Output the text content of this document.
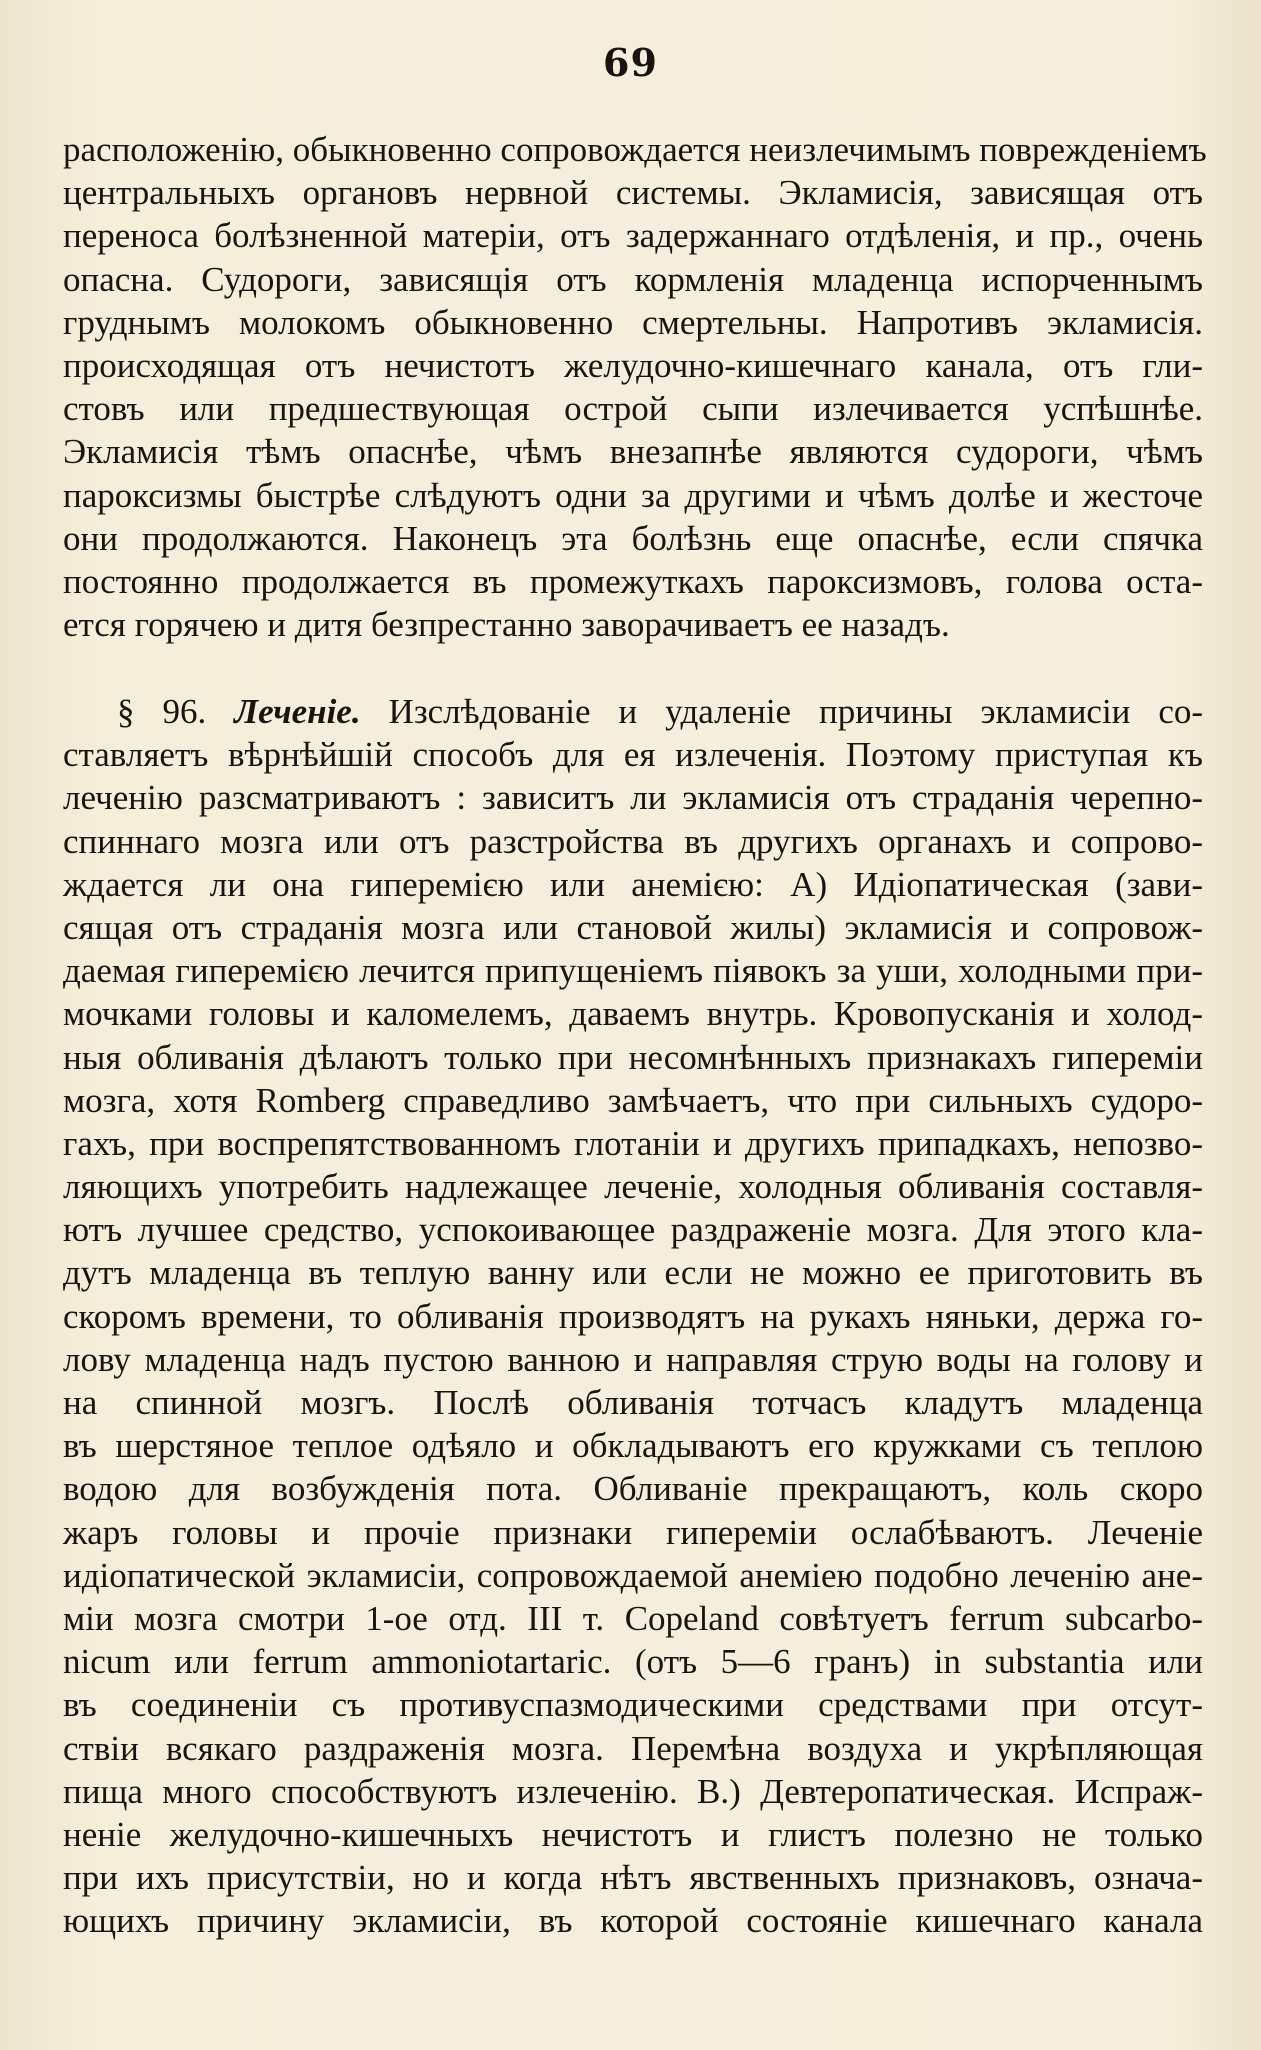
69
расположенію, обыкновенно сопровождается неизлечимымъ поврежденіемъ
центральныхъ органовъ нервной системы. Экламисія, зависящая отъ
переноса болѣзненной матеріи, отъ задержаннаго отдѣленія, и пр., очень
опасна. Судороги, зависящія отъ кормленія младенца испорченнымъ
груднымъ молокомъ обыкновенно смертельны. Напротивъ экламисія.
происходящая отъ нечистотъ желудочно-кишечнаго канала, отъ гли-
стовъ или предшествующая острой сыпи излечивается успѣшнѣе.
Экламисія тѣмъ опаснѣе, чѣмъ внезапнѣе являются судороги, чѣмъ
пароксизмы быстрѣе слѣдуютъ одни за другими и чѣмъ долѣе и жесточе
они продолжаются. Наконецъ эта болѣзнь еще опаснѣе, если спячка
постоянно продолжается въ промежуткахъ пароксизмовъ, голова оста-
ется горячею и дитя безпрестанно заворачиваетъ ее назадъ.
§ 96. Леченіе. Изслѣдованіе и удаленіе причины экламисіи со-
ставляетъ вѣрнѣйшій способъ для ея излеченія. Поэтому приступая къ
леченію разсматриваютъ : зависитъ ли экламисія отъ страданія черепно-
спиннаго мозга или отъ разстройства въ другихъ органахъ и сопрово-
ждается ли она гиперемією или анемією: А) Идіопатическая (зави-
сящая отъ страданія мозга или становой жилы) экламисія и сопровож-
даемая гиперемією лечится припущеніемъ піявокъ за уши, холодными при-
мочками головы и каломелемъ, даваемъ внутрь. Кровопусканія и холод-
ныя обливанія дѣлаютъ только при несомнѣнныхъ признакахъ гипереміи
мозга, хотя Romberg справедливо замѣчаетъ, что при сильныхъ судоро-
гахъ, при воспрепятствованномъ глотаніи и другихъ припадкахъ, непозво-
ляющихъ употребить надлежащее леченіе, холодныя обливанія составля-
ютъ лучшее средство, успокоивающее раздраженіе мозга. Для этого кла-
дутъ младенца въ теплую ванну или если не можно ее приготовить въ
скоромъ времени, то обливанія производятъ на рукахъ няньки, держа го-
лову младенца надъ пустою ванною и направляя струю воды на голову и
на спинной мозгъ. Послѣ обливанія тотчасъ кладутъ младенца
въ шерстяное теплое одѣяло и обкладываютъ его кружками съ теплою
водою для возбужденія пота. Обливаніе прекращаютъ, коль скоро
жаръ головы и прочіе признаки гипереміи ослабѣваютъ. Леченіе
идіопатической экламисіи, сопровождаемой анеміею подобно леченію ане-
міи мозга смотри 1-ое отд. III т. Copeland совѣтуетъ ferrum subcarbo-
nicum или ferrum ammoniotartaric. (отъ 5—6 гранъ) in substantia или
въ соединеніи съ противуспазмодическими средствами при отсут-
ствіи всякаго раздраженія мозга. Перемѣна воздуха и укрѣпляющая
пища много способствуютъ излеченію. В.) Девтеропатическая. Испраж-
неніе желудочно-кишечныхъ нечистотъ и глистъ полезно не только
при ихъ присутствіи, но и когда нѣтъ явственныхъ признаковъ, означа-
ющихъ причину экламисіи, въ которой состояніе кишечнаго канала
